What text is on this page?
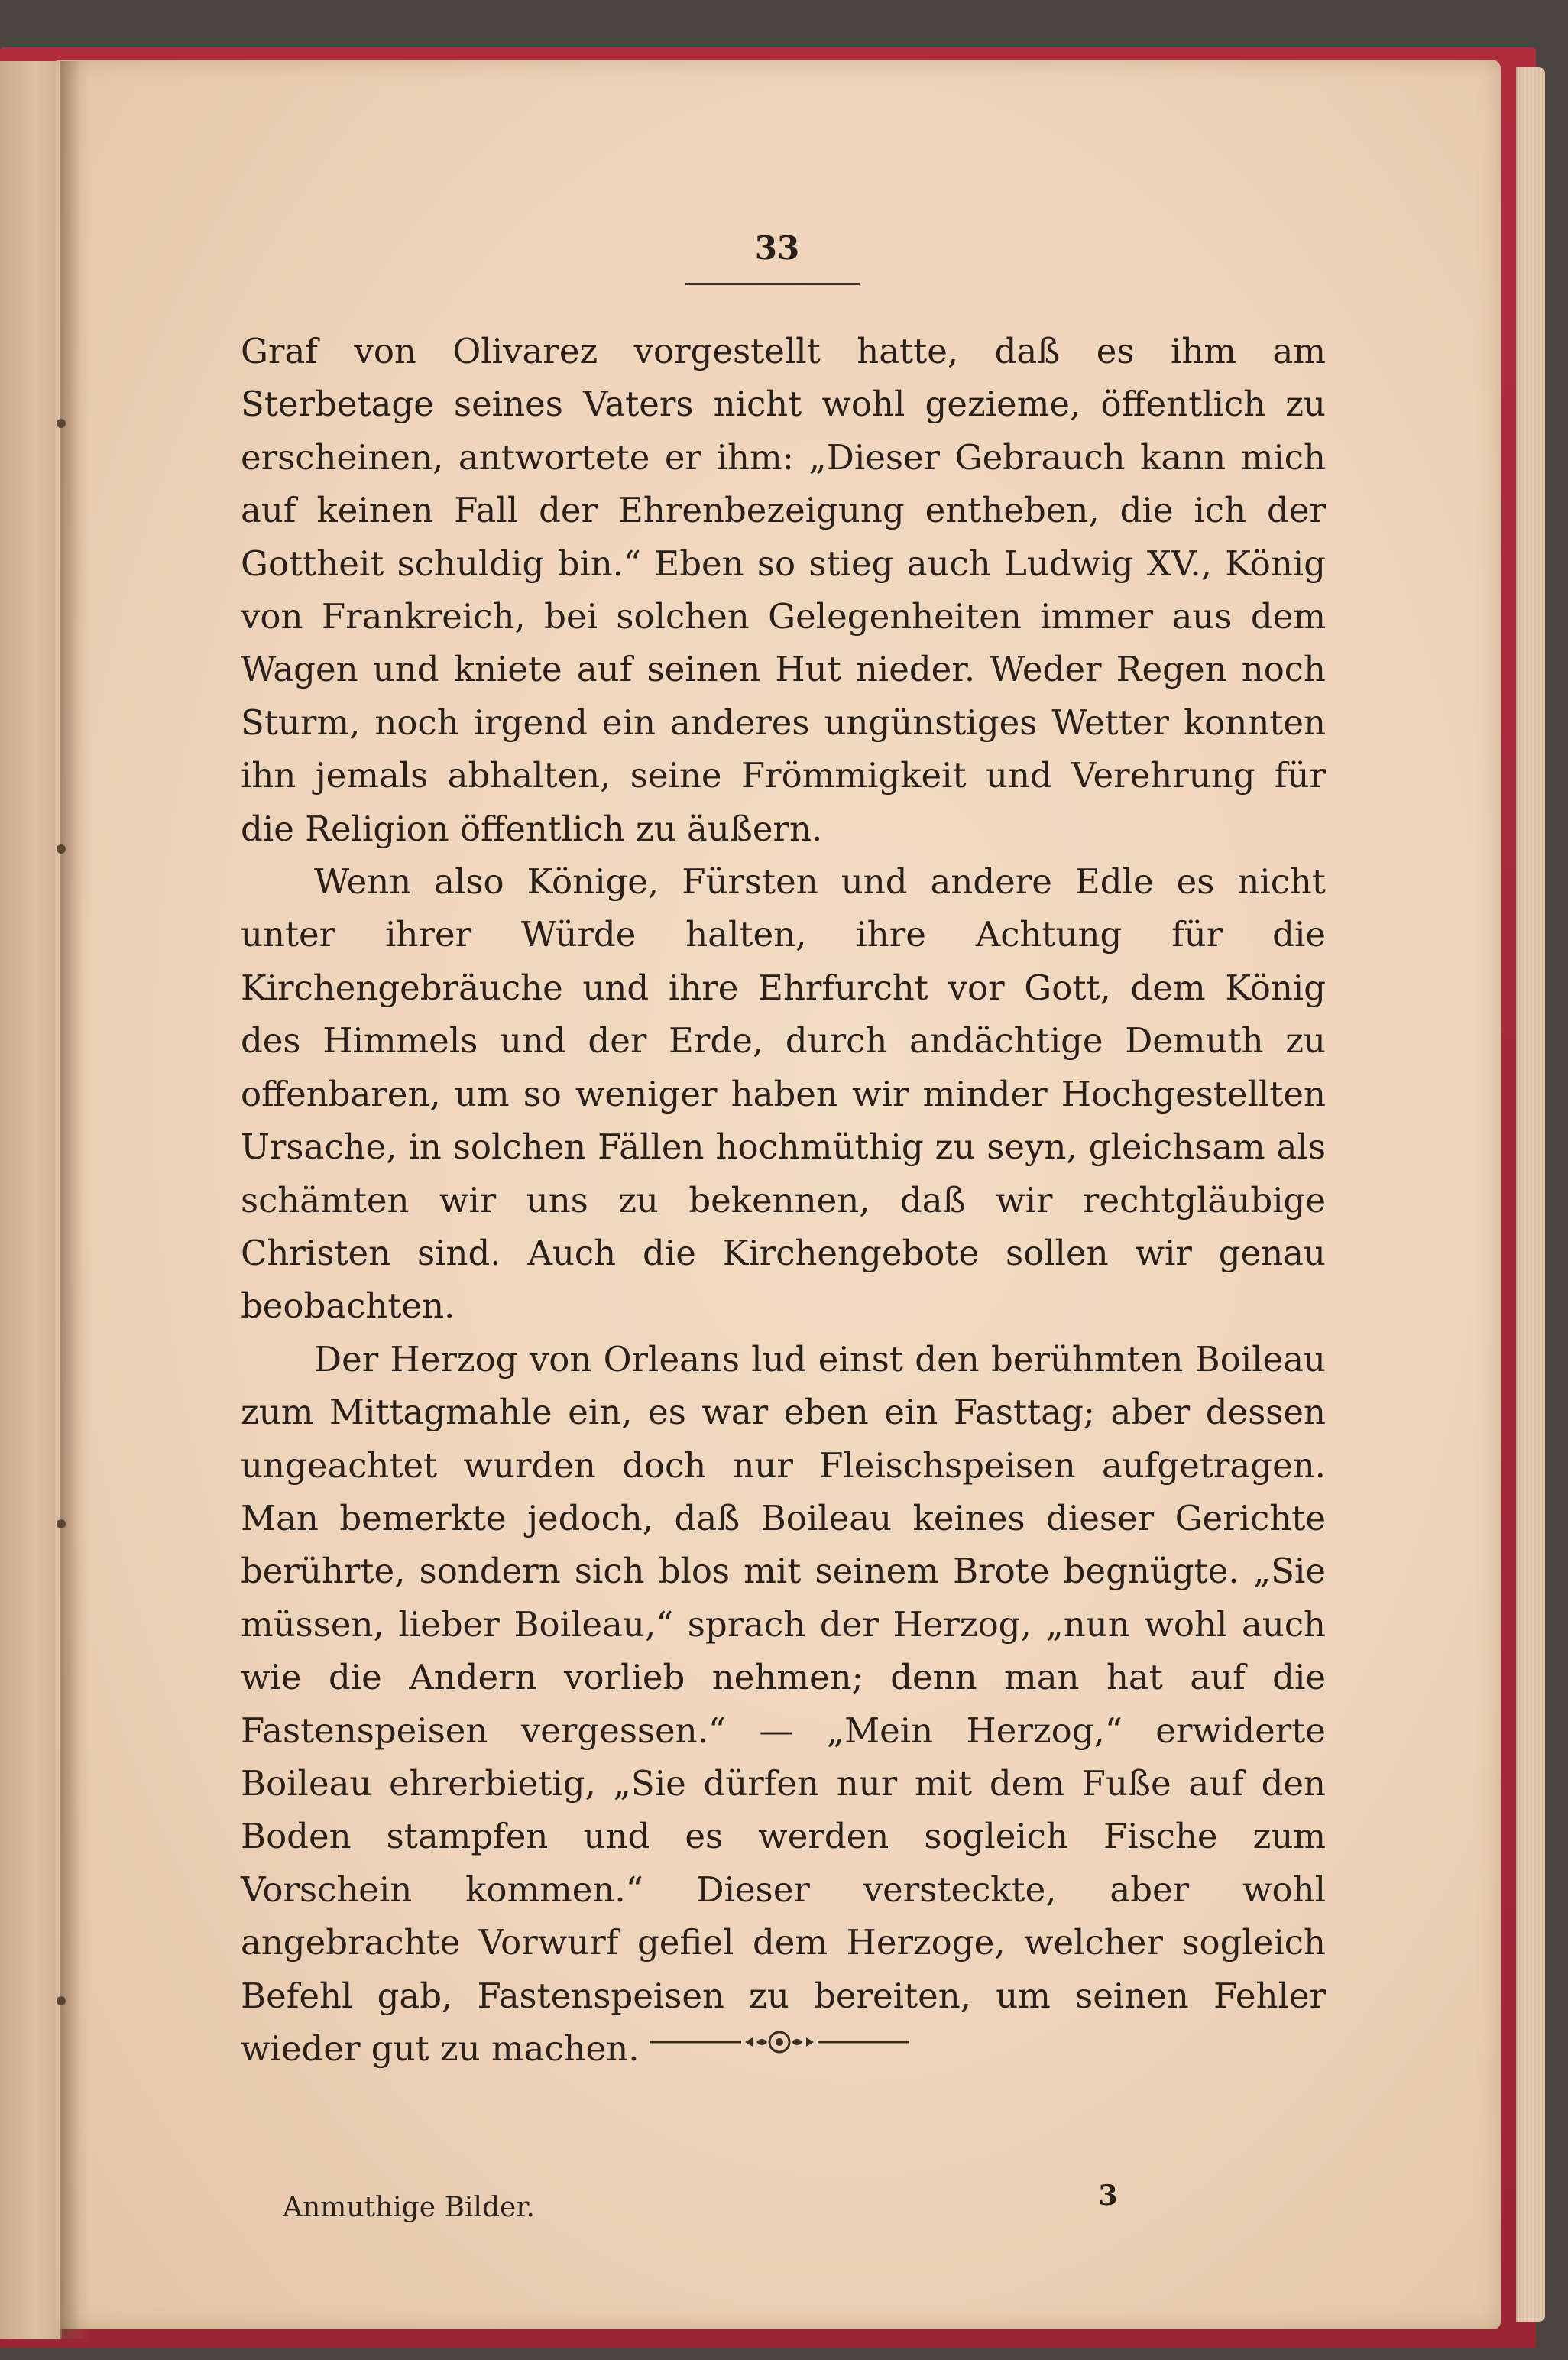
33

Graf von Olivarez vorgestellt hatte, daß es ihm am Sterbetage seines Vaters nicht wohl gezieme, öffentlich zu erscheinen, antwortete er ihm: „Dieser Gebrauch kann mich auf keinen Fall der Ehrenbezeigung entheben, die ich der Gottheit schuldig bin.“ Eben so stieg auch Ludwig XV., König von Frankreich, bei solchen Gelegenheiten immer aus dem Wagen und kniete auf seinen Hut nieder. Weder Regen noch Sturm, noch irgend ein anderes ungünstiges Wetter konnten ihn jemals abhalten, seine Frömmigkeit und Verehrung für die Religion öffentlich zu äußern.

Wenn also Könige, Fürsten und andere Edle es nicht unter ihrer Würde halten, ihre Achtung für die Kirchengebräuche und ihre Ehrfurcht vor Gott, dem König des Himmels und der Erde, durch andächtige Demuth zu offenbaren, um so weniger haben wir minder Hochgestellten Ursache, in solchen Fällen hochmüthig zu seyn, gleichsam als schämten wir uns zu bekennen, daß wir rechtgläubige Christen sind. Auch die Kirchengebote sollen wir genau beobachten.

Der Herzog von Orleans lud einst den berühmten Boileau zum Mittagmahle ein, es war eben ein Fasttag; aber dessen ungeachtet wurden doch nur Fleischspeisen aufgetragen. Man bemerkte jedoch, daß Boileau keines dieser Gerichte berührte, sondern sich blos mit seinem Brote begnügte. „Sie müssen, lieber Boileau,“ sprach der Herzog, „nun wohl auch wie die Andern vorlieb nehmen; denn man hat auf die Fastenspeisen vergessen.“ — „Mein Herzog,“ erwiderte Boileau ehrerbietig, „Sie dürfen nur mit dem Fuße auf den Boden stampfen und es werden sogleich Fische zum Vorschein kommen.“ Dieser versteckte, aber wohl angebrachte Vorwurf gefiel dem Herzoge, welcher sogleich Befehl gab, Fastenspeisen zu bereiten, um seinen Fehler wieder gut zu machen.

Anmuthige Bilder.	3
